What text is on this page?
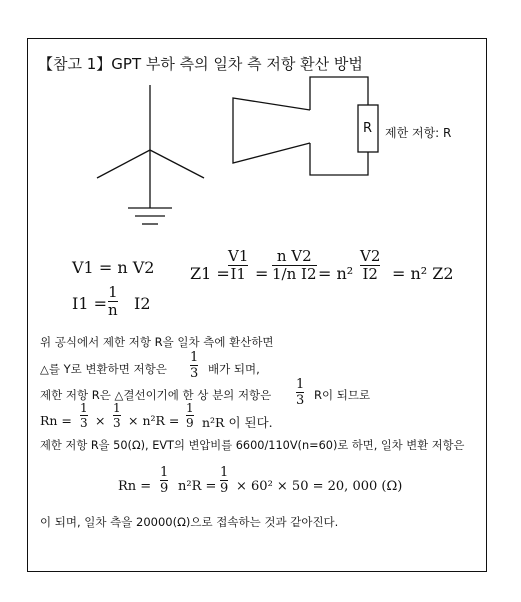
【참고 1】GPT 부하 측의 일차 측 저항 환산 방법
R 제한 저항: R
V1 = n V2
I1 =
1
n I2
Z1 =
V1
I1 =
n V2
1/n I2 = n²
V2
I2 = n² Z2
위 공식에서 제한 저항 R을 일차 측에 환산하면
△를 Y로 변환하면 저항은
1
3 배가 되며,
제한 저항 R은 △결선이기에 한 상 분의 저항은
1
3 R이 되므로
Rn =
1
3 ×
1
3 × n²R =
1
9 n²R 이 된다.
제한 저항 R을 50(Ω), EVT의 변압비를 6600/110V(n=60)로 하면, 일차 변환 저항은
Rn =
1
9 n²R =
1
9 × 60² × 50 = 20, 000 (Ω)
이 되며, 일차 측을 20000(Ω)으로 접속하는 것과 같아진다.
